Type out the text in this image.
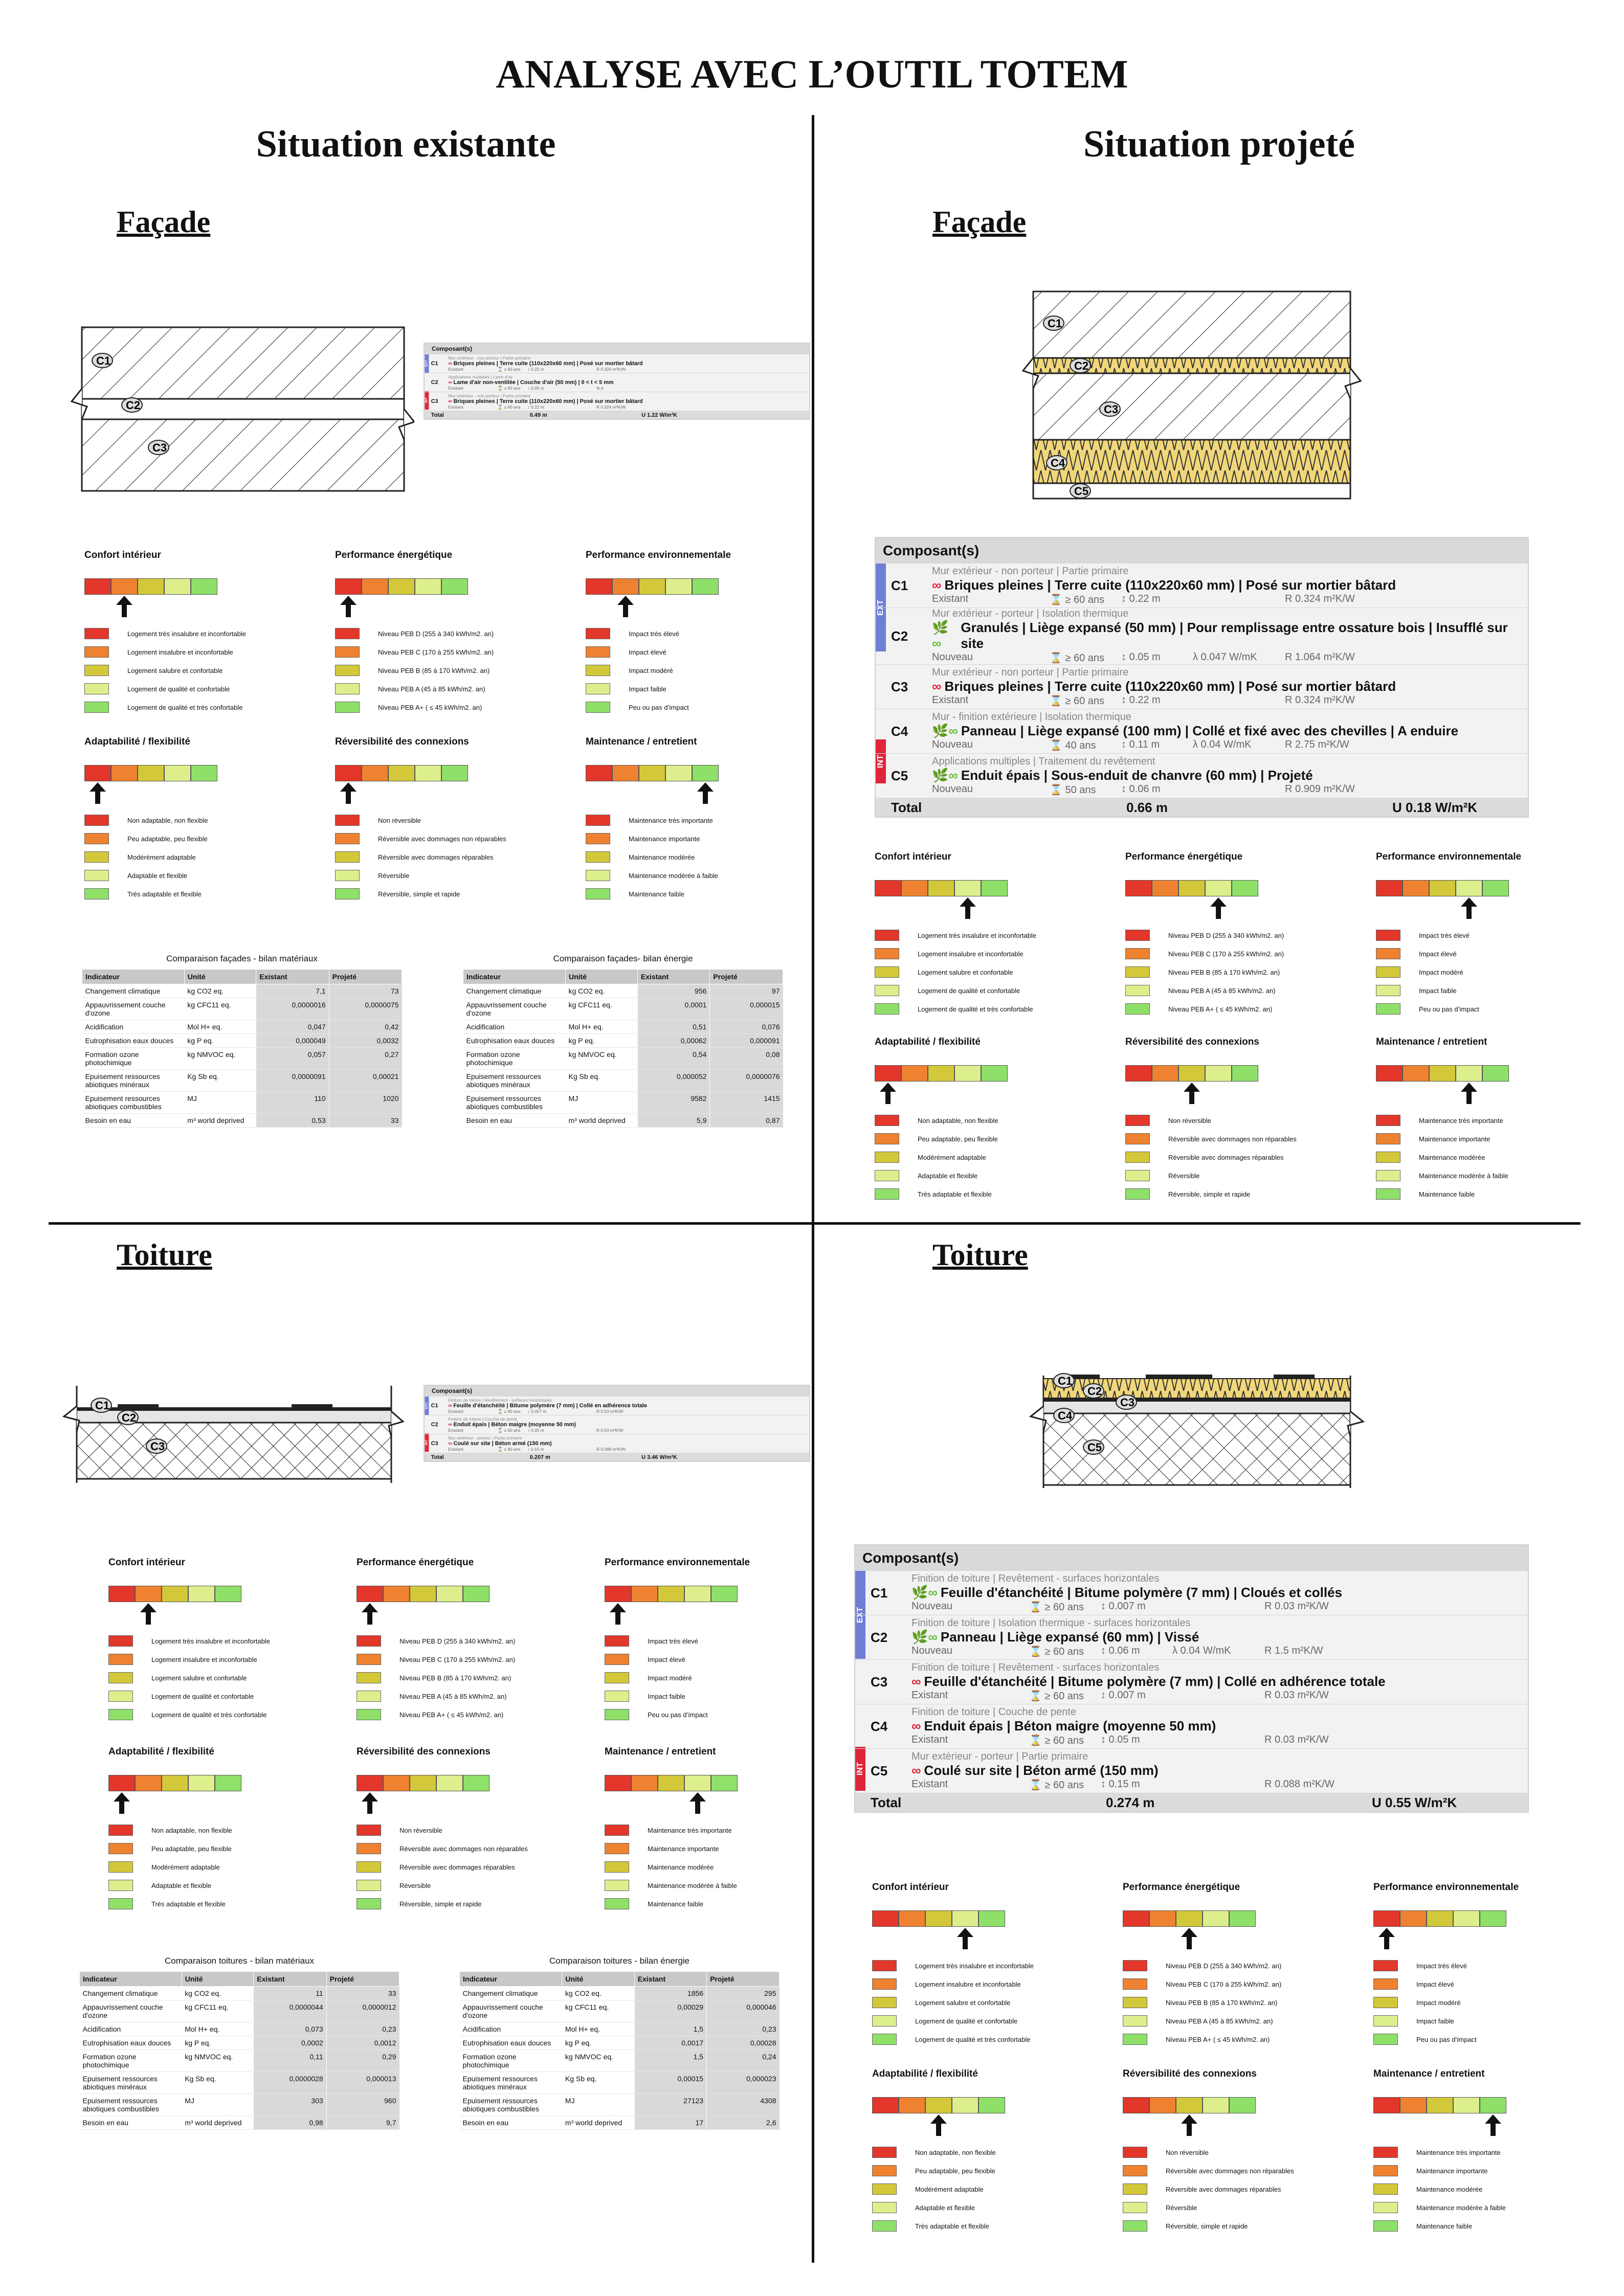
ANALYSE AVEC L’OUTIL TOTEM
Situation existante	Situation projeté
Façade	Façade
Toiture	Toiture
C1
C2
C3
C1
C2
C3
C4
C5
C1
C2
C3
C1
C2
C3
C4
C5
Composant(s)
EXT
INT
C1
Mur extérieur - non porteur | Partie primaire
∞ Briques pleines | Terre cuite (110x220x60 mm) | Posé sur mortier bâtard
Existant	⌛ ≥ 60 ans	↕ 0.22 m	R 0.324 m²K/W
C2
Applications multiples | Lame d'air
∞ Lame d'air non-ventilée | Couche d'air (50 mm) | 0 < t < 5 mm
Existant	⌛ ≥ 60 ans	↕ 0.05 m	N.A.
C3
Mur extérieur - non porteur | Partie primaire
∞ Briques pleines | Terre cuite (110x220x60 mm) | Posé sur mortier bâtard
Existant	⌛ ≥ 60 ans	↕ 0.22 m	R 0.324 m²K/W
Total	0.49 m	U 1.22 W/m²K
Composant(s)
EXT
INT
C1
Mur extérieur - non porteur | Partie primaire
∞ Briques pleines | Terre cuite (110x220x60 mm) | Posé sur mortier bâtard
Existant	⌛ ≥ 60 ans	↕ 0.22 m	R 0.324 m²K/W
C2
Mur extérieur - porteur | Isolation thermique
🌿∞
Granulés | Liège expansé (50 mm) | Pour remplissage entre ossature bois | Insufflé sur site
Nouveau	⌛ ≥ 60 ans	↕ 0.05 m	λ 0.047 W/mK	R 1.064 m²K/W
C3
Mur extérieur - non porteur | Partie primaire
∞ Briques pleines | Terre cuite (110x220x60 mm) | Posé sur mortier bâtard
Existant	⌛ ≥ 60 ans	↕ 0.22 m	R 0.324 m²K/W
C4
Mur - finition extérieure | Isolation thermique
🌿∞ Panneau | Liège expansé (100 mm) | Collé et fixé avec des chevilles | A enduire
Nouveau	⌛ 40 ans	↕ 0.11 m	λ 0.04 W/mK	R 2.75 m²K/W
C5
Applications multiples | Traitement du revêtement
🌿∞ Enduit épais | Sous-enduit de chanvre (60 mm) | Projeté
Nouveau	⌛ 50 ans	↕ 0.06 m	R 0.909 m²K/W
Total	0.66 m	U 0.18 W/m²K
Composant(s)
EXT
INT
C1
Finition de toiture | Revêtement - surfaces horizontales
∞ Feuille d'étanchéité | Bitume polymère (7 mm) | Collé en adhérence totale
Existant	⌛ ≥ 60 ans	↕ 0.007 m	R 0.03 m²K/W
C2
Finition de toiture | Couche de pente
∞ Enduit épais | Béton maigre (moyenne 50 mm)
Existant	⌛ ≥ 60 ans	↕ 0.05 m	R 0.03 m²K/W
C3
Mur extérieur - porteur | Partie primaire
∞ Coulé sur site | Béton armé (150 mm)
Existant	⌛ ≥ 60 ans	↕ 0.15 m	R 0.088 m²K/W
Total	0.207 m	U 3.46 W/m²K
Composant(s)
EXT
INT
C1
Finition de toiture | Revêtement - surfaces horizontales
🌿∞ Feuille d'étanchéité | Bitume polymère (7 mm) | Cloués et collés
Nouveau	⌛ ≥ 60 ans	↕ 0.007 m	R 0.03 m²K/W
C2
Finition de toiture | Isolation thermique - surfaces horizontales
🌿∞ Panneau | Liège expansé (60 mm) | Vissé
Nouveau	⌛ ≥ 60 ans	↕ 0.06 m	λ 0.04 W/mK	R 1.5 m²K/W
C3
Finition de toiture | Revêtement - surfaces horizontales
∞ Feuille d'étanchéité | Bitume polymère (7 mm) | Collé en adhérence totale
Existant	⌛ ≥ 60 ans	↕ 0.007 m	R 0.03 m²K/W
C4
Finition de toiture | Couche de pente
∞ Enduit épais | Béton maigre (moyenne 50 mm)
Existant	⌛ ≥ 60 ans	↕ 0.05 m	R 0.03 m²K/W
C5
Mur extérieur - porteur | Partie primaire
∞ Coulé sur site | Béton armé (150 mm)
Existant	⌛ ≥ 60 ans	↕ 0.15 m	R 0.088 m²K/W
Total	0.274 m	U 0.55 W/m²K
Comparaison façades - bilan matériaux
Indicateur	Unité	Existant	Projeté
Changement climatique	kg CO2 eq.	7,1	73
Appauvrissement couche d'ozone	kg CFC11 eq.	0,0000016	0,0000075
Acidification	Mol H+ eq.	0,047	0,42
Eutrophisation eaux douces	kg P eq.	0,000049	0,0032
Formation ozone photochimique	kg NMVOC eq.	0,057	0,27
Epuisement ressources abiotiques minéraux	Kg Sb eq.	0,0000091	0,00021
Epuisement ressources abiotiques combustibles	MJ	110	1020
Besoin en eau	m³ world deprived	0,53	33
Comparaison façades- bilan énergie
Indicateur	Unité	Existant	Projeté
Changement climatique	kg CO2 eq.	956	97
Appauvrissement couche d'ozone	kg CFC11 eq.	0,0001	0,000015
Acidification	Mol H+ eq.	0,51	0,076
Eutrophisation eaux douces	kg P eq.	0,00062	0,000091
Formation ozone photochimique	kg NMVOC eq.	0,54	0,08
Epuisement ressources abiotiques minéraux	Kg Sb eq.	0,000052	0,0000076
Epuisement ressources abiotiques combustibles	MJ	9582	1415
Besoin en eau	m³ world deprived	5,9	0,87
Comparaison toitures - bilan matériaux
Indicateur	Unité	Existant	Projeté
Changement climatique	kg CO2 eq.	11	33
Appauvrissement couche d'ozone	kg CFC11 eq.	0,0000044	0,0000012
Acidification	Mol H+ eq.	0,073	0,23
Eutrophisation eaux douces	kg P eq.	0,0002	0,0012
Formation ozone photochimique	kg NMVOC eq.	0,11	0,29
Epuisement ressources abiotiques minéraux	Kg Sb eq.	0,0000028	0,000013
Epuisement ressources abiotiques combustibles	MJ	303	960
Besoin en eau	m³ world deprived	0,98	9,7
Comparaison toitures - bilan énergie
Indicateur	Unité	Existant	Projeté
Changement climatique	kg CO2 eq.	1856	295
Appauvrissement couche d'ozone	kg CFC11 eq.	0,00029	0,000046
Acidification	Mol H+ eq.	1,5	0,23
Eutrophisation eaux douces	kg P eq.	0,0017	0,00028
Formation ozone photochimique	kg NMVOC eq.	1,5	0,24
Epuisement ressources abiotiques minéraux	Kg Sb eq.	0,00015	0,000023
Epuisement ressources abiotiques combustibles	MJ	27123	4308
Besoin en eau	m³ world deprived	17	2,6
Confort intérieur
Logement très insalubre et inconfortable
Logement insalubre et inconfortable
Logement salubre et confortable
Logement de qualité et confortable
Logement de qualité et très confortable
Performance énergétique
Niveau PEB D (255 à 340 kWh/m2. an)
Niveau PEB C (170 à 255 kWh/m2. an)
Niveau PEB B (85 à 170 kWh/m2. an)
Niveau PEB A (45 à 85 kWh/m2. an)
Niveau PEB A+ ( ≤ 45 kWh/m2. an)
Performance environnementale
Impact très élevé
Impact élevé
Impact modéré
Impact faible
Peu ou pas d’impact
Adaptabilité / flexibilité
Non adaptable, non flexible
Peu adaptable, peu flexible
Modérément adaptable
Adaptable et flexible
Très adaptable et flexible
Réversibilité des connexions
Non réversible
Réversible avec dommages non réparables
Réversible avec dommages réparables
Réversible
Réversible, simple et rapide
Maintenance / entretient
Maintenance très importante
Maintenance importante
Maintenance modérée
Maintenance modérée à faible
Maintenance faible
Confort intérieur
Logement très insalubre et inconfortable
Logement insalubre et inconfortable
Logement salubre et confortable
Logement de qualité et confortable
Logement de qualité et très confortable
Performance énergétique
Niveau PEB D (255 à 340 kWh/m2. an)
Niveau PEB C (170 à 255 kWh/m2. an)
Niveau PEB B (85 à 170 kWh/m2. an)
Niveau PEB A (45 à 85 kWh/m2. an)
Niveau PEB A+ ( ≤ 45 kWh/m2. an)
Performance environnementale
Impact très élevé
Impact élevé
Impact modéré
Impact faible
Peu ou pas d’impact
Adaptabilité / flexibilité
Non adaptable, non flexible
Peu adaptable, peu flexible
Modérément adaptable
Adaptable et flexible
Très adaptable et flexible
Réversibilité des connexions
Non réversible
Réversible avec dommages non réparables
Réversible avec dommages réparables
Réversible
Réversible, simple et rapide
Maintenance / entretient
Maintenance très importante
Maintenance importante
Maintenance modérée
Maintenance modérée à faible
Maintenance faible
Confort intérieur
Logement très insalubre et inconfortable
Logement insalubre et inconfortable
Logement salubre et confortable
Logement de qualité et confortable
Logement de qualité et très confortable
Performance énergétique
Niveau PEB D (255 à 340 kWh/m2. an)
Niveau PEB C (170 à 255 kWh/m2. an)
Niveau PEB B (85 à 170 kWh/m2. an)
Niveau PEB A (45 à 85 kWh/m2. an)
Niveau PEB A+ ( ≤ 45 kWh/m2. an)
Performance environnementale
Impact très élevé
Impact élevé
Impact modéré
Impact faible
Peu ou pas d’impact
Adaptabilité / flexibilité
Non adaptable, non flexible
Peu adaptable, peu flexible
Modérément adaptable
Adaptable et flexible
Très adaptable et flexible
Réversibilité des connexions
Non réversible
Réversible avec dommages non réparables
Réversible avec dommages réparables
Réversible
Réversible, simple et rapide
Maintenance / entretient
Maintenance très importante
Maintenance importante
Maintenance modérée
Maintenance modérée à faible
Maintenance faible
Confort intérieur
Logement très insalubre et inconfortable
Logement insalubre et inconfortable
Logement salubre et confortable
Logement de qualité et confortable
Logement de qualité et très confortable
Performance énergétique
Niveau PEB D (255 à 340 kWh/m2. an)
Niveau PEB C (170 à 255 kWh/m2. an)
Niveau PEB B (85 à 170 kWh/m2. an)
Niveau PEB A (45 à 85 kWh/m2. an)
Niveau PEB A+ ( ≤ 45 kWh/m2. an)
Performance environnementale
Impact très élevé
Impact élevé
Impact modéré
Impact faible
Peu ou pas d’impact
Adaptabilité / flexibilité
Non adaptable, non flexible
Peu adaptable, peu flexible
Modérément adaptable
Adaptable et flexible
Très adaptable et flexible
Réversibilité des connexions
Non réversible
Réversible avec dommages non réparables
Réversible avec dommages réparables
Réversible
Réversible, simple et rapide
Maintenance / entretient
Maintenance très importante
Maintenance importante
Maintenance modérée
Maintenance modérée à faible
Maintenance faible
